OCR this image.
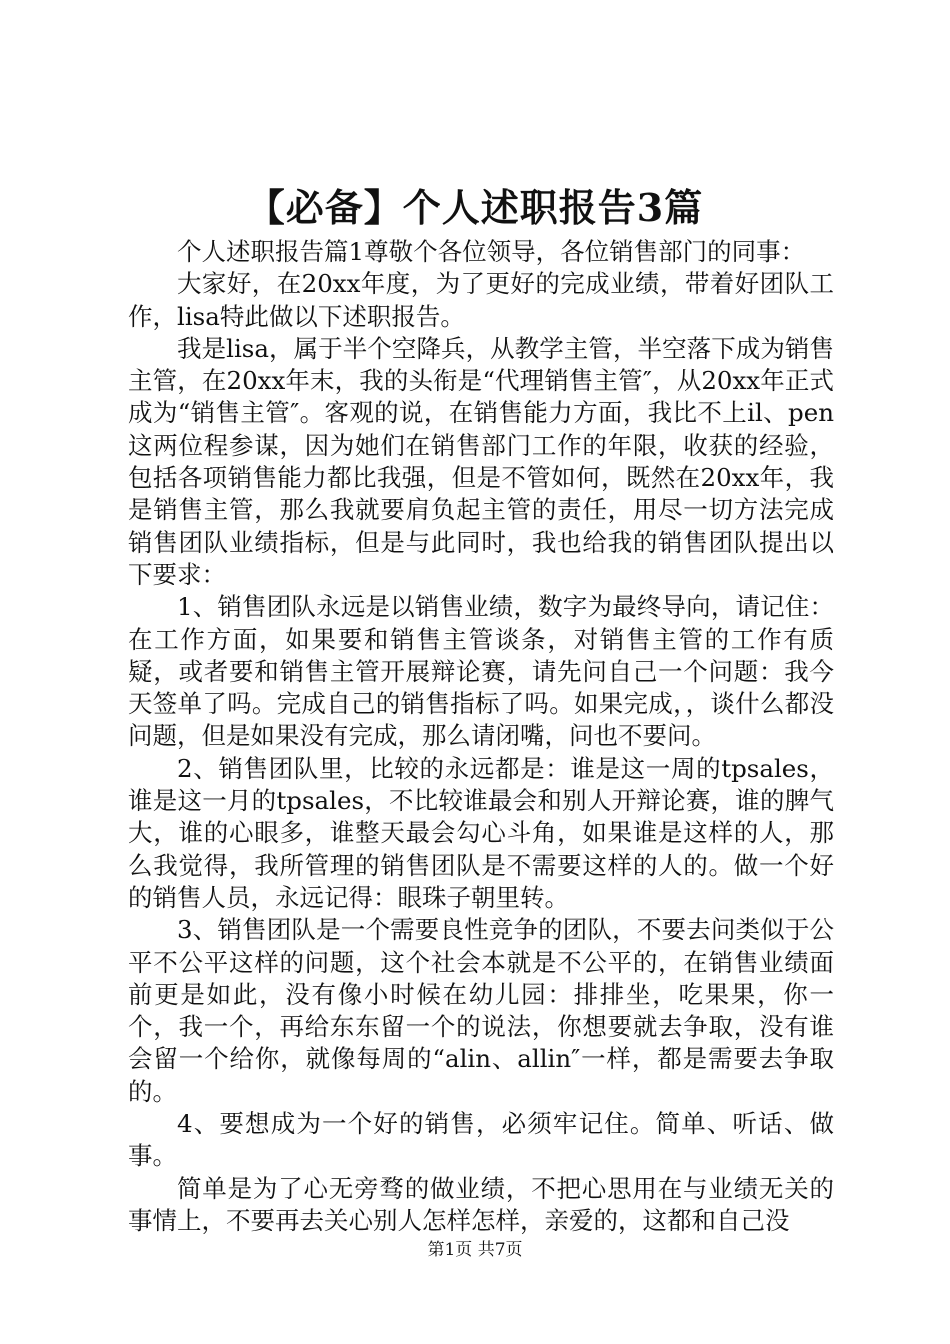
【必备】个人述职报告3篇

个人述职报告篇1尊敬个各位领导，各位销售部门的同事：

大家好，在20xx年度，为了更好的完成业绩，带着好团队工作，lisa特此做以下述职报告。

我是lisa，属于半个空降兵，从教学主管，半空落下成为销售主管，在20xx年末，我的头衔是“代理销售主管″，从20xx年正式成为“销售主管″。客观的说，在销售能力方面，我比不上il、pen这两位程参谋，因为她们在销售部门工作的年限，收获的经验，包括各项销售能力都比我强，但是不管如何，既然在20xx年，我是销售主管，那么我就要肩负起主管的责任，用尽一切方法完成销售团队业绩指标，但是与此同时，我也给我的销售团队提出以下要求：

1、销售团队永远是以销售业绩，数字为最终导向，请记住：在工作方面，如果要和销售主管谈条，对销售主管的工作有质疑，或者要和销售主管开展辩论赛，请先问自己一个问题：我今天签单了吗。完成自己的销售指标了吗。如果完成，，谈什么都没问题，但是如果没有完成，那么请闭嘴，问也不要问。

2、销售团队里，比较的永远都是：谁是这一周的tpsales，谁是这一月的tpsales，不比较谁最会和别人开辩论赛，谁的脾气大，谁的心眼多，谁整天最会勾心斗角，如果谁是这样的人，那么我觉得，我所管理的销售团队是不需要这样的人的。做一个好的销售人员，永远记得：眼珠子朝里转。

3、销售团队是一个需要良性竞争的团队，不要去问类似于公平不公平这样的问题，这个社会本就是不公平的，在销售业绩面前更是如此，没有像小时候在幼儿园：排排坐，吃果果，你一个，我一个，再给东东留一个的说法，你想要就去争取，没有谁会留一个给你，就像每周的“alin、allin″一样，都是需要去争取的。

4、要想成为一个好的销售，必须牢记住。简单、听话、做事。

简单是为了心无旁骛的做业绩，不把心思用在与业绩无关的事情上，不要再去关心别人怎样怎样，亲爱的，这都和自己没

第1页 共7页
